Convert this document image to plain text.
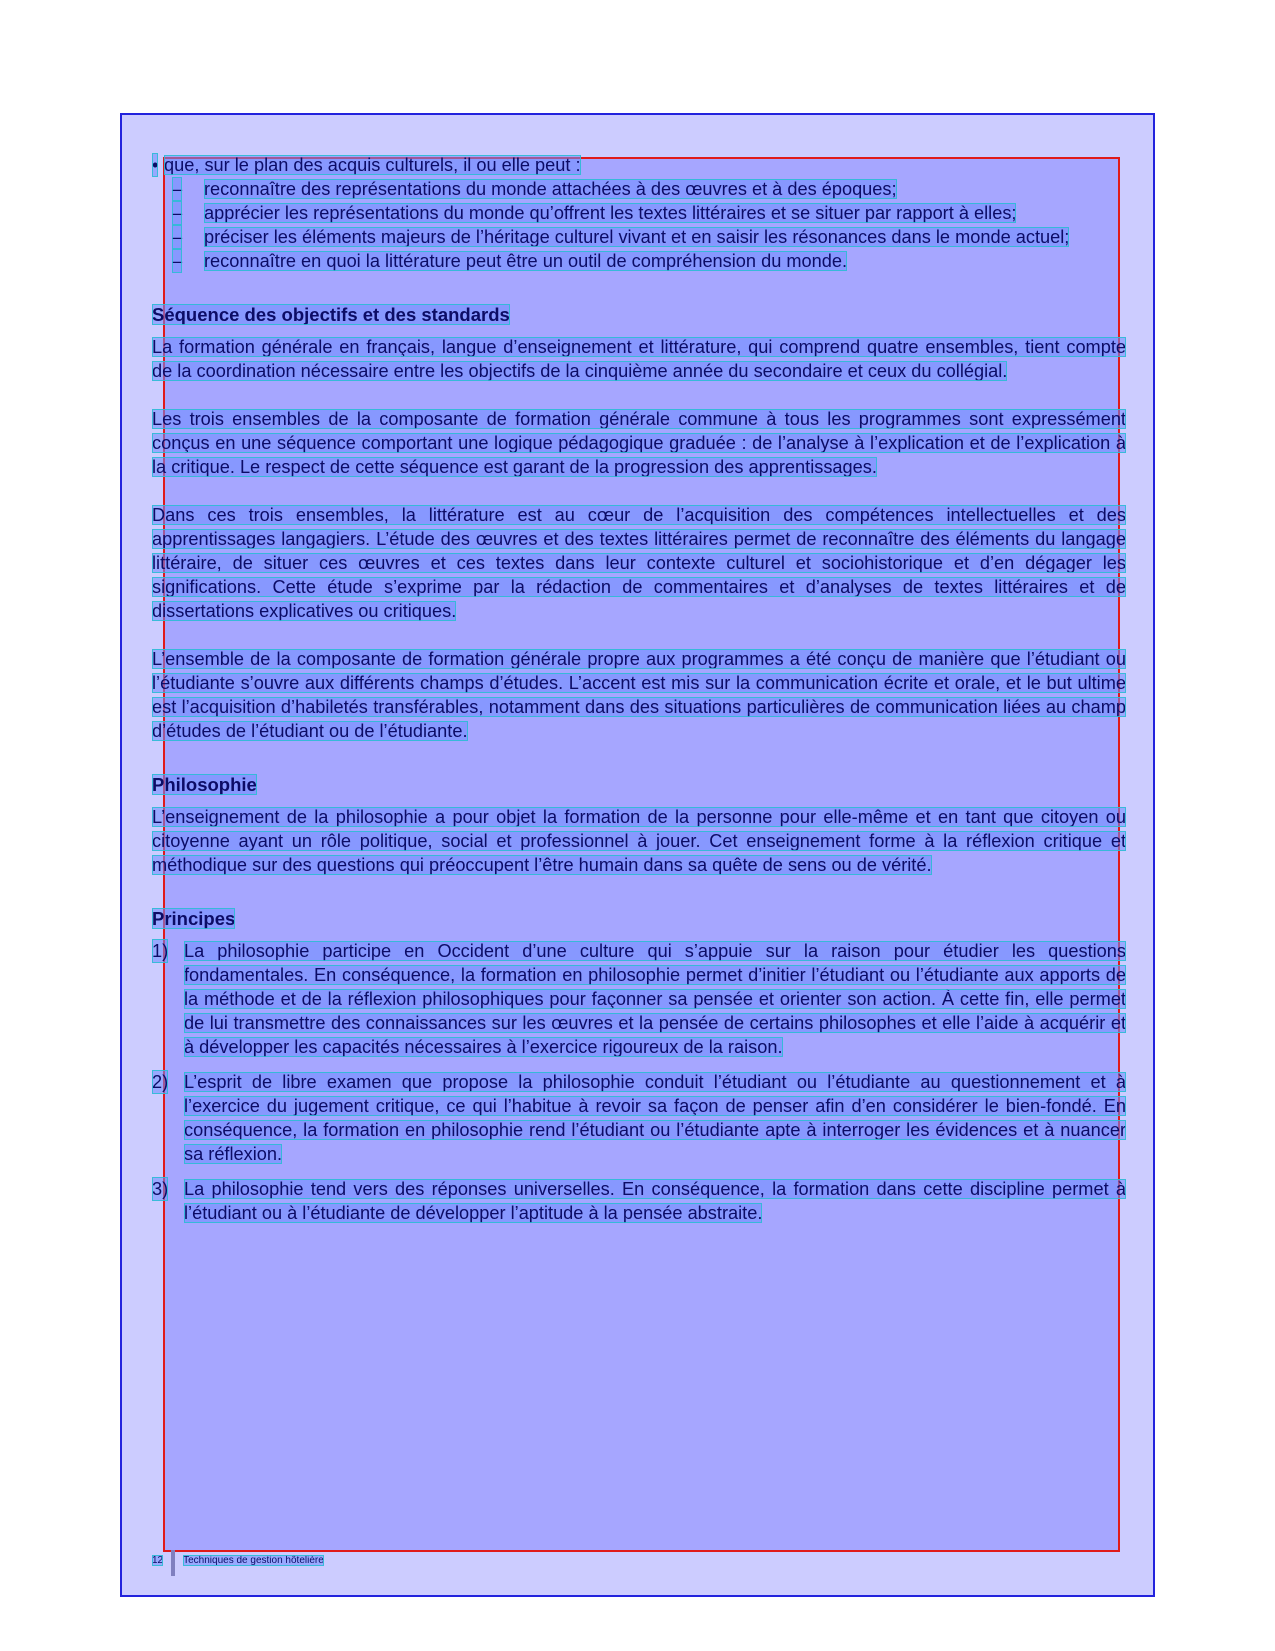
• que, sur le plan des acquis culturels, il ou elle peut :
– reconnaître des représentations du monde attachées à des œuvres et à des époques;
– apprécier les représentations du monde qu’offrent les textes littéraires et se situer par rapport à elles;
– préciser les éléments majeurs de l’héritage culturel vivant et en saisir les résonances dans le monde actuel;
– reconnaître en quoi la littérature peut être un outil de compréhension du monde.
Séquence des objectifs et des standards

La formation générale en français, langue d’enseignement et littérature, qui comprend quatre ensembles, tient compte de la coordination nécessaire entre les objectifs de la cinquième année du secondaire et ceux du collégial.

Les trois ensembles de la composante de formation générale commune à tous les programmes sont expressément conçus en une séquence comportant une logique pédagogique graduée : de l’analyse à l’explication et de l’explication à la critique. Le respect de cette séquence est garant de la progression des apprentissages.

Dans ces trois ensembles, la littérature est au cœur de l’acquisition des compétences intellectuelles et des apprentissages langagiers. L’étude des œuvres et des textes littéraires permet de reconnaître des éléments du langage littéraire, de situer ces œuvres et ces textes dans leur contexte culturel et sociohistorique et d’en dégager les significations. Cette étude s’exprime par la rédaction de commentaires et d’analyses de textes littéraires et de dissertations explicatives ou critiques.

L’ensemble de la composante de formation générale propre aux programmes a été conçu de manière que l’étudiant ou l’étudiante s’ouvre aux différents champs d’études. L’accent est mis sur la communication écrite et orale, et le but ultime est l’acquisition d’habiletés transférables, notamment dans des situations particulières de communication liées au champ d’études de l’étudiant ou de l’étudiante.

Philosophie

L’enseignement de la philosophie a pour objet la formation de la personne pour elle-même et en tant que citoyen ou citoyenne ayant un rôle politique, social et professionnel à jouer. Cet enseignement forme à la réflexion critique et méthodique sur des questions qui préoccupent l’être humain dans sa quête de sens ou de vérité.

Principes
1) La philosophie participe en Occident d’une culture qui s’appuie sur la raison pour étudier les questions fondamentales. En conséquence, la formation en philosophie permet d’initier l’étudiant ou l’étudiante aux apports de la méthode et de la réflexion philosophiques pour façonner sa pensée et orienter son action. À cette fin, elle permet de lui transmettre des connaissances sur les œuvres et la pensée de certains philosophes et elle l’aide à acquérir et à développer les capacités nécessaires à l’exercice rigoureux de la raison.
2) L’esprit de libre examen que propose la philosophie conduit l’étudiant ou l’étudiante au questionnement et à l’exercice du jugement critique, ce qui l’habitue à revoir sa façon de penser afin d’en considérer le bien-fondé. En conséquence, la formation en philosophie rend l’étudiant ou l’étudiante apte à interroger les évidences et à nuancer sa réflexion.
3) La philosophie tend vers des réponses universelles. En conséquence, la formation dans cette discipline permet à l’étudiant ou à l’étudiante de développer l’aptitude à la pensée abstraite.
12 Techniques de gestion hôtelière
